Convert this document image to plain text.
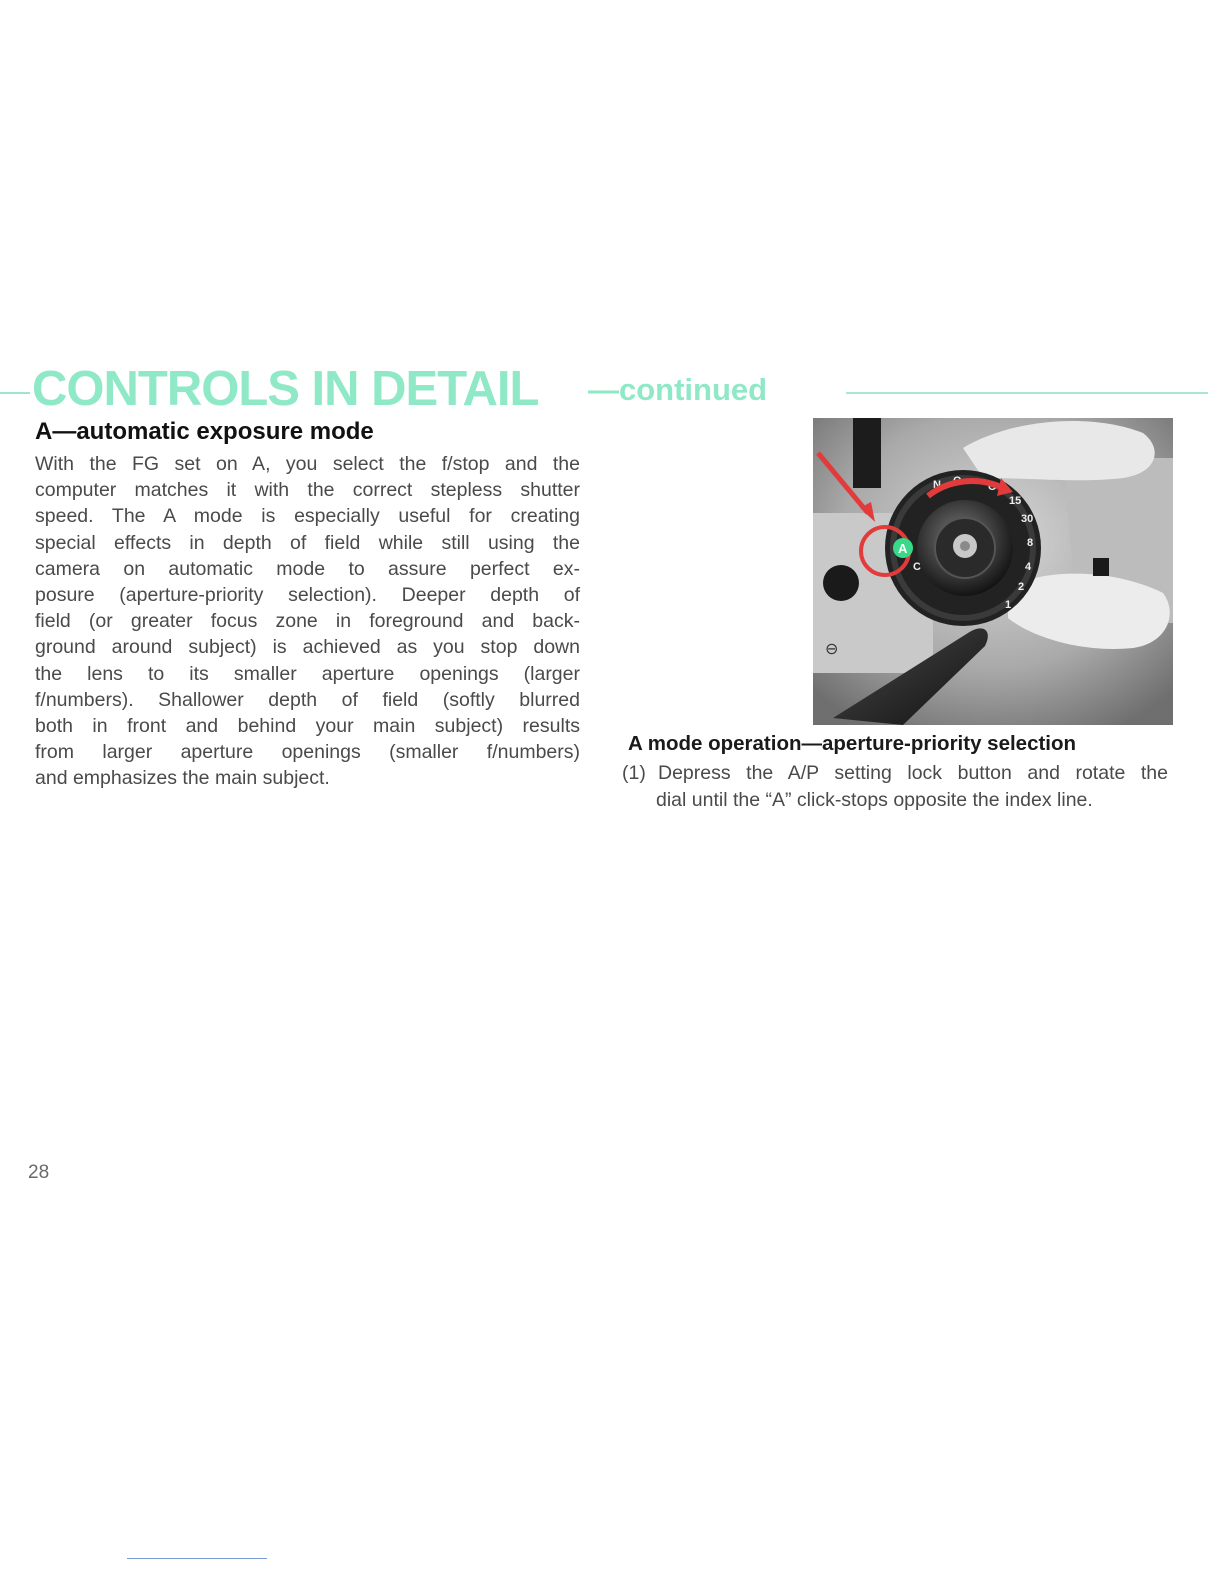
CONTROLS IN DETAIL —continued
A—automatic exposure mode
With the FG set on A, you select the f/stop and the
computer matches it with the correct stepless shutter
speed. The A mode is especially useful for creating
special effects in depth of field while still using the
camera on automatic mode to assure perfect ex-
posure (aperture-priority selection). Deeper depth of
field (or greater focus zone in foreground and back-
ground around subject) is achieved as you stop down
the lens to its smaller aperture openings (larger
f/numbers). Shallower depth of field (softly blurred
both in front and behind your main subject) results
from larger aperture openings (smaller f/numbers)
and emphasizes the main subject.
N O O
15
30
8
4
2
1
C
A
⊖
A mode operation—aperture-priority selection
(1) Depress the A/P setting lock button and rotate the
dial until the “A” click-stops opposite the index line.
28
